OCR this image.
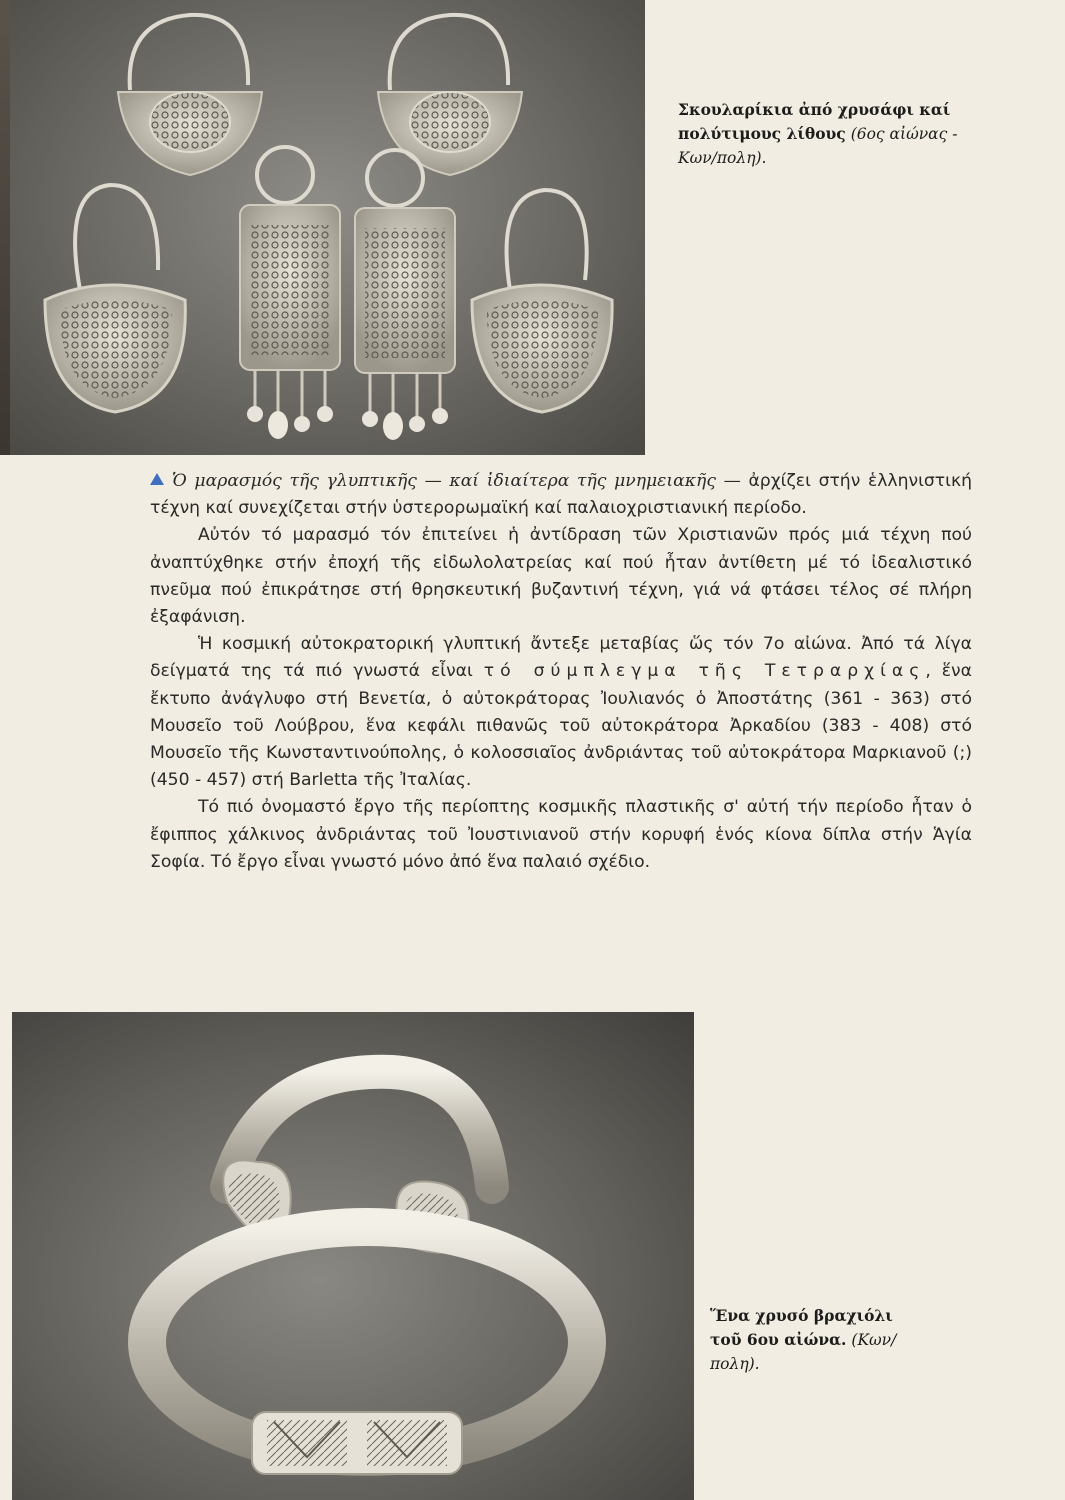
Σκουλαρίκια ἀπό χρυσάφι καί πολύτιμους λίθους (6ος αἰώνας - Κων/πολη).

Ὁ μαρασμός τῆς γλυπτικῆς — καί ἰδιαίτερα τῆς μνημειακῆς — ἀρχίζει στήν ἑλληνιστική τέχνη καί συνεχίζεται στήν ὑστερορωμαϊκή καί παλαιοχριστιανική περίοδο.

Αὐτόν τό μαρασμό τόν ἐπιτείνει ἡ ἀντίδραση τῶν Χριστιανῶν πρός μιά τέχνη πού ἀναπτύχθηκε στήν ἐποχή τῆς εἰδωλολατρείας καί πού ἦταν ἀντίθετη μέ τό ἰδεαλιστικό πνεῦμα πού ἐπικράτησε στή θρησκευτική βυζαντινή τέχνη, γιά νά φτάσει τέλος σέ πλήρη ἐξαφάνιση.

Ἡ κοσμική αὐτοκρατορική γλυπτική ἄντεξε μεταβίας ὥς τόν 7ο αἰώνα. Ἀπό τά λίγα δείγματά της τά πιό γνωστά εἶναι τό σύμπλεγμα τῆς Τετραρχίας, ἕνα ἔκτυπο ἀνάγλυφο στή Βενετία, ὁ αὐτοκράτορας Ἰουλιανός ὁ Ἀποστάτης (361 - 363) στό Μουσεῖο τοῦ Λούβρου, ἕνα κεφάλι πιθανῶς τοῦ αὐτοκράτορα Ἀρκαδίου (383 - 408) στό Μουσεῖο τῆς Κωνσταντινούπολης, ὁ κολοσσιαῖος ἀνδριάντας τοῦ αὐτοκράτορα Μαρκιανοῦ (;) (450 - 457) στή Barletta τῆς Ἰταλίας.

Τό πιό ὀνομαστό ἔργο τῆς περίοπτης κοσμικῆς πλαστικῆς σ' αὐτή τήν περίοδο ἦταν ὁ ἔφιππος χάλκινος ἀνδριάντας τοῦ Ἰουστινιανοῦ στήν κορυφή ἑνός κίονα δίπλα στήν Ἁγία Σοφία. Τό ἔργο εἶναι γνωστό μόνο ἀπό ἕνα παλαιό σχέδιο.

Ἕνα χρυσό βραχιόλι τοῦ 6ου αἰώνα. (Κων/πολη).
